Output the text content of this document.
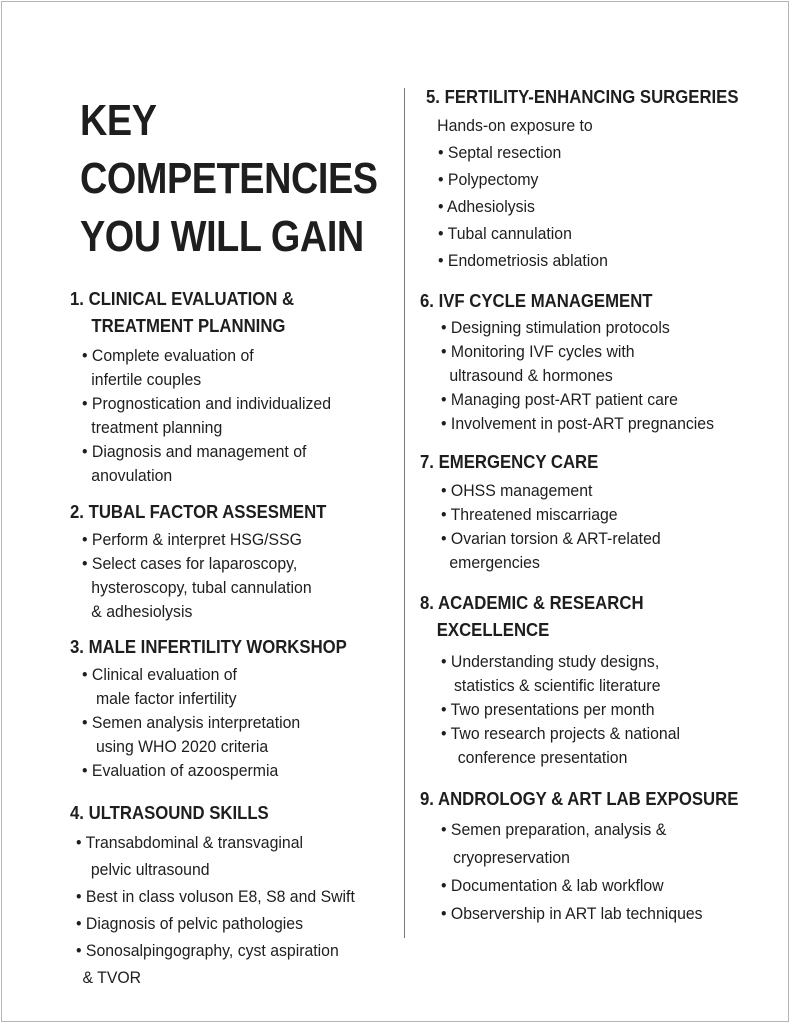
KEY
COMPETENCIES
YOU WILL GAIN
1. CLINICAL EVALUATION &
TREATMENT PLANNING
• Complete evaluation of
infertile couples
• Prognostication and individualized
treatment planning
• Diagnosis and management of
anovulation
2. TUBAL FACTOR ASSESMENT
• Perform & interpret HSG/SSG
• Select cases for laparoscopy,
hysteroscopy, tubal cannulation
& adhesiolysis
3. MALE INFERTILITY WORKSHOP
• Clinical evaluation of
male factor infertility
• Semen analysis interpretation
using WHO 2020 criteria
• Evaluation of azoospermia
4. ULTRASOUND SKILLS
• Transabdominal & transvaginal
pelvic ultrasound
• Best in class voluson E8, S8 and Swift
• Diagnosis of pelvic pathologies
• Sonosalpingography, cyst aspiration
& TVOR
5. FERTILITY-ENHANCING SURGERIES
Hands-on exposure to
• Septal resection
• Polypectomy
• Adhesiolysis
• Tubal cannulation
• Endometriosis ablation
6. IVF CYCLE MANAGEMENT
• Designing stimulation protocols
• Monitoring IVF cycles with
ultrasound & hormones
• Managing post-ART patient care
• Involvement in post-ART pregnancies
7. EMERGENCY CARE
• OHSS management
• Threatened miscarriage
• Ovarian torsion & ART-related
emergencies
8. ACADEMIC & RESEARCH
EXCELLENCE
• Understanding study designs,
statistics & scientific literature
• Two presentations per month
• Two research projects & national
conference presentation
9. ANDROLOGY & ART LAB EXPOSURE
• Semen preparation, analysis &
cryopreservation
• Documentation & lab workflow
• Observership in ART lab techniques
